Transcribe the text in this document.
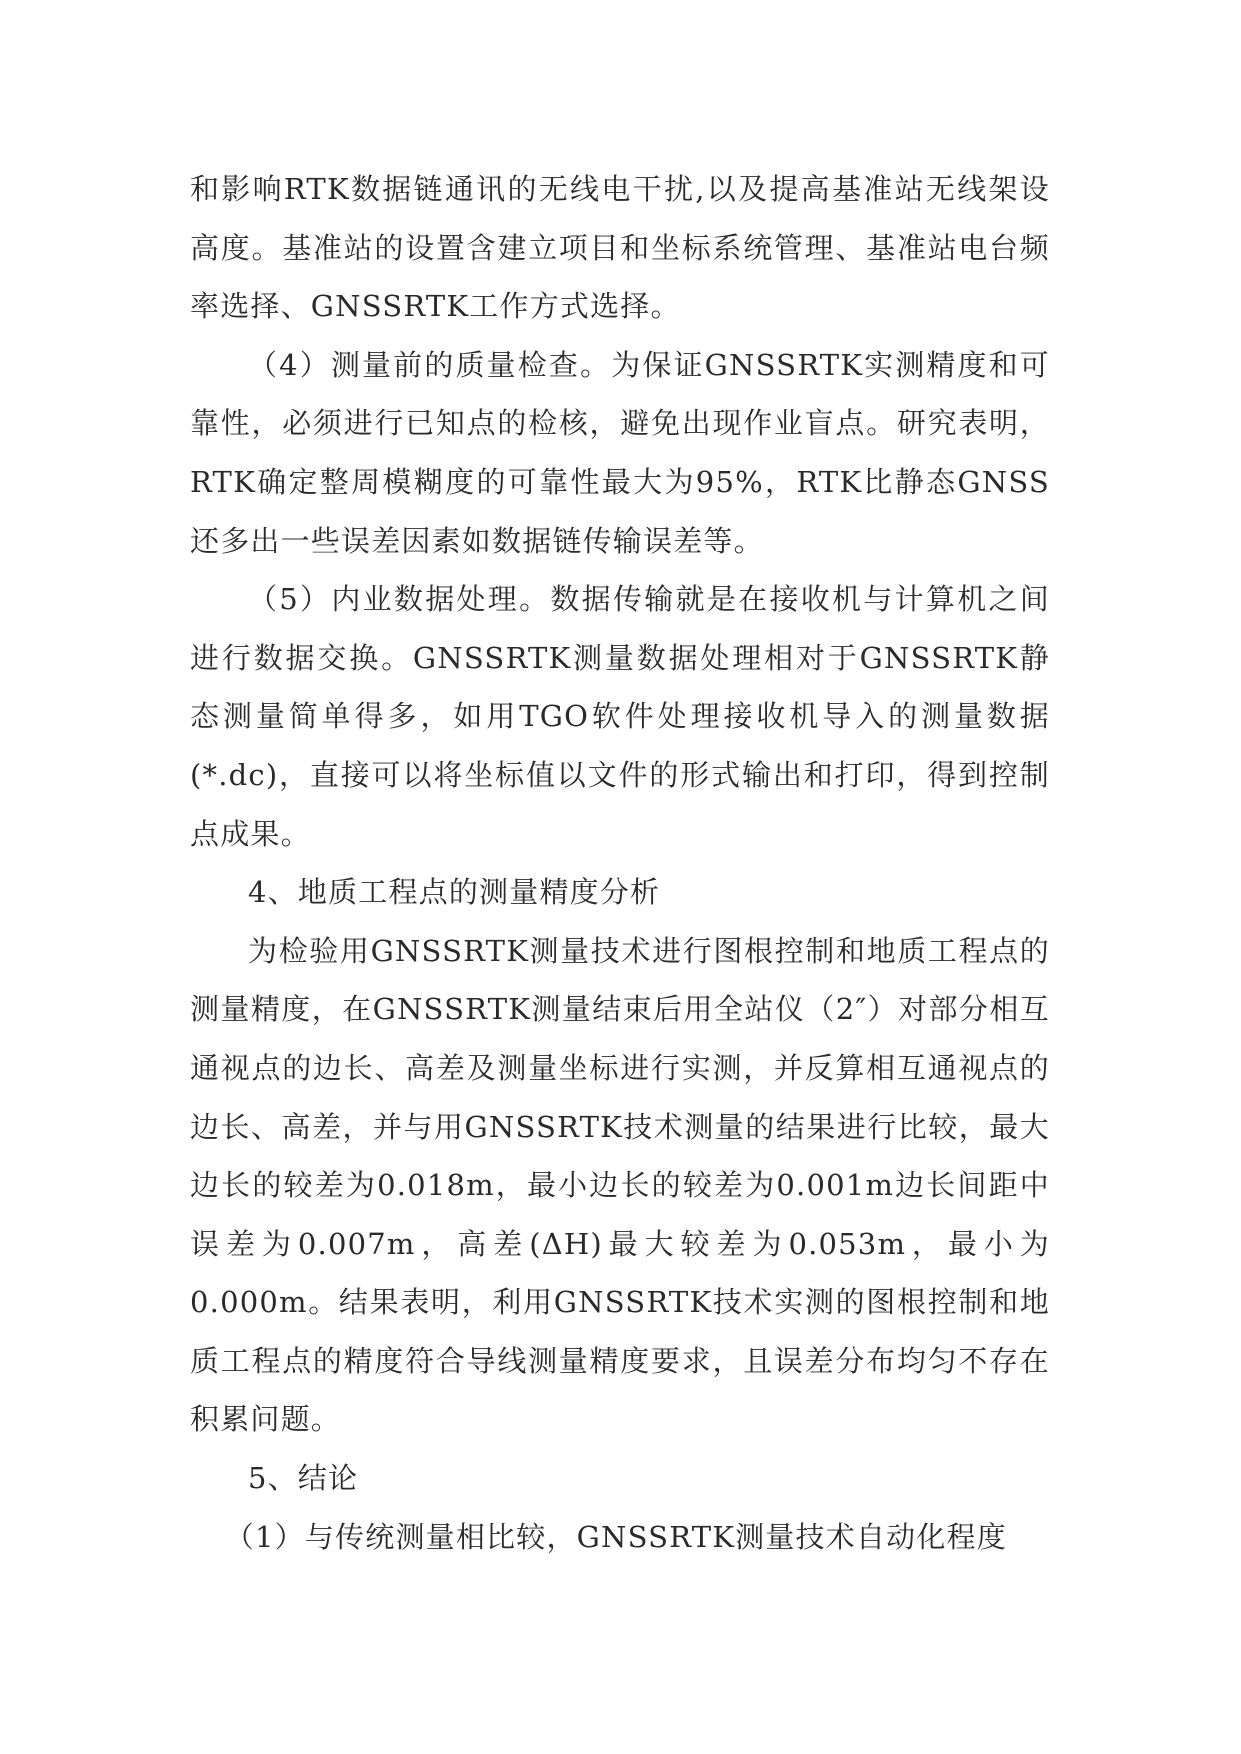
和影响RTK数据链通讯的无线电干扰,以及提高基准站无线架设高度。基准站的设置含建立项目和坐标系统管理、基准站电台频率选择、GNSSRTK工作方式选择。

（4）测量前的质量检查。为保证GNSSRTK实测精度和可靠性，必须进行已知点的检核，避免出现作业盲点。研究表明，RTK确定整周模糊度的可靠性最大为95%，RTK比静态GNSS还多出一些误差因素如数据链传输误差等。

（5）内业数据处理。数据传输就是在接收机与计算机之间进行数据交换。GNSSRTK测量数据处理相对于GNSSRTK静态测量简单得多，如用TGO软件处理接收机导入的测量数据(*.dc)，直接可以将坐标值以文件的形式输出和打印，得到控制点成果。

4、地质工程点的测量精度分析

为检验用GNSSRTK测量技术进行图根控制和地质工程点的测量精度，在GNSSRTK测量结束后用全站仪（2″）对部分相互通视点的边长、高差及测量坐标进行实测，并反算相互通视点的边长、高差，并与用GNSSRTK技术测量的结果进行比较，最大边长的较差为0.018m，最小边长的较差为0.001m边长间距中误差为0.007m，高差(ΔH)最大较差为0.053m，最小为0.000m。结果表明，利用GNSSRTK技术实测的图根控制和地质工程点的精度符合导线测量精度要求，且误差分布均匀不存在积累问题。

5、结论

（1）与传统测量相比较，GNSSRTK测量技术自动化程度
